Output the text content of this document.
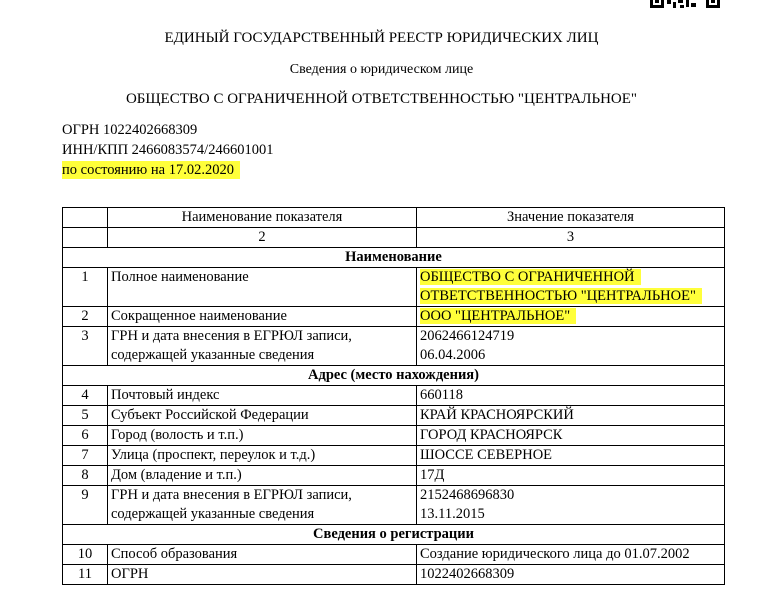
ЕДИНЫЙ ГОСУДАРСТВЕННЫЙ РЕЕСТР ЮРИДИЧЕСКИХ ЛИЦ
Сведения о юридическом лице
ОБЩЕСТВО С ОГРАНИЧЕННОЙ ОТВЕТСТВЕННОСТЬЮ "ЦЕНТРАЛЬНОЕ"
ОГРН 1022402668309
ИНН/КПП 2466083574/246601001
по состоянию на 17.02.2020
	Наименование показателя	Значение показателя
	2	3
Наименование		
1	Полное наименование	ОБЩЕСТВО С ОГРАНИЧЕННОЙ ОТВЕТСТВЕННОСТЬЮ "ЦЕНТРАЛЬНОЕ"
2	Сокращенное наименование	ООО "ЦЕНТРАЛЬНОЕ"
3	ГРН и дата внесения в ЕГРЮЛ записи, содержащей указанные сведения	2062466124719
06.04.2006

Адрес (место нахождения)		
4	Почтовый индекс	660118
5	Субъект Российской Федерации	КРАЙ КРАСНОЯРСКИЙ
6	Город (волость и т.п.)	ГОРОД КРАСНОЯРСК
7	Улица (проспект, переулок и т.д.)	ШОССЕ СЕВЕРНОЕ
8	Дом (владение и т.п.)	17Д
9	ГРН и дата внесения в ЕГРЮЛ записи, содержащей указанные сведения	2152468696830
13.11.2015

Сведения о регистрации		
10	Способ образования	Создание юридического лица до 01.07.2002
11	ОГРН	1022402668309
